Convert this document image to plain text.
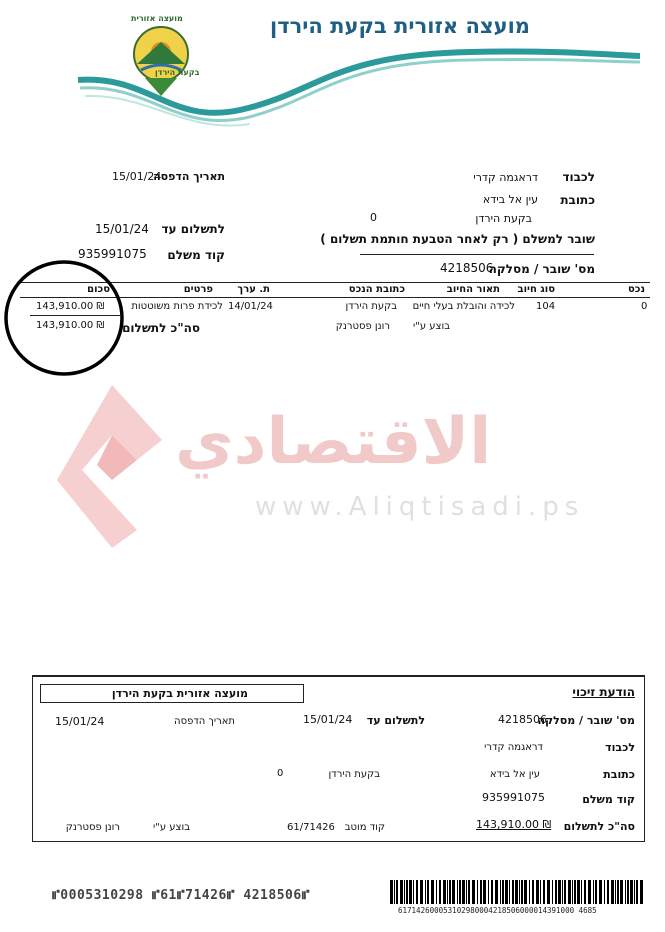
מועצה אזורית
בקעת הירדן
מועצה אזורית בקעת הירדן
תאריך הדפסה
15/01/24	לכבוד
דראגמה קדרי
כתובת
עין אל בידא
בקעת הירדן
0
לתשלום עד
15/01/24
שובר למשלם ( רק לאחר הטבעת חותמת תשלום )
קוד משלם
935991075
מס' שובר / מסלקה
4218506
נכס
סוג חיוב
תאור החיוב
כתובת הנכס
ת. ערך
פרטים
סכום
0
104
לכידה והובלת בעלי חיים
בקעת הירדן
14/01/24
לכידת פרות משוטטות
143,910.00 ₪
סה"כ לתשלום
143,910.00 ₪	בוצע ע"י
רונן פסטרנק
الاقتصادي
www.Aliqtisadi.ps
הודעת זיכוי
מועצה אזורית בקעת הירדן
מס' שובר / מסלקה
4218506
לתשלום עד
15/01/24
תאריך הדפסה
15/01/24
לכבוד
דראגמה קדרי
כתובת
עין אל בידא
בקעת הירדן
0
קוד משלם
935991075
סה"כ לתשלום
143,910.00 ₪
קוד מוטב
61/71426
בוצע ע"י
רונן פסטרנק
⑈0005310298 ⑈61⑈71426⑈ 4218506⑈
617142600053102980004218506000014391000 4685
